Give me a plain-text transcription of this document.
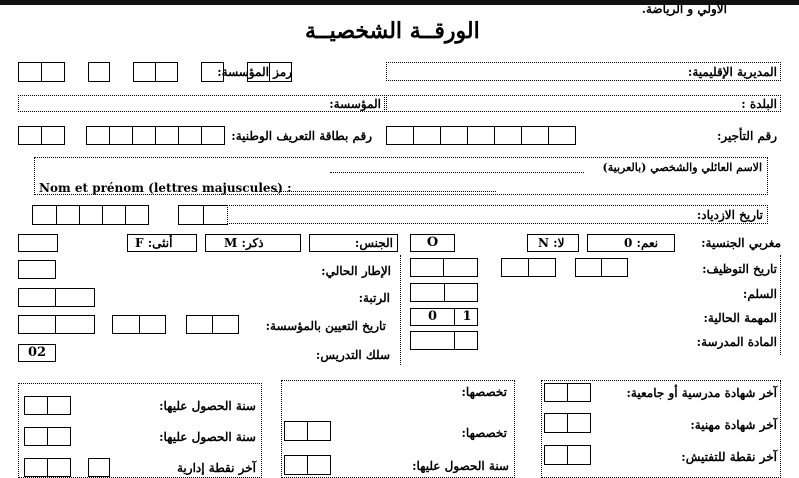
الأولي و الرياضة.
الورقــة الشخصيــة
رمز المؤسسة:	المديرية الإقليمية:
المؤسسة:	البلدة :
رقم بطاقة التعريف الوطنية:	رقم التأجير:
الاسم العائلي والشخصي (بالعربية)
Nom et prénom (lettres majuscules) :
تاريخ الازدياد:
أنثى: F	ذكر: M	الجنس:	O	لا: N	نعم: 0	مغربي الجنسية:
الإطار الحالي:
الرتبة:
تاريخ التعيين بالمؤسسة:
02	سلك التدريس:
تاريخ التوظيف:
السلم:
0	1	المهمة الحالية:
المادة المدرسة:
سنة الحصول عليها:
سنة الحصول عليها:
آخر نقطة إدارية
تخصصها:
تخصصها:
سنة الحصول عليها:
آخر شهادة مدرسية أو جامعية:
آخر شهادة مهنية:
آخر نقطة للتفتيش:
